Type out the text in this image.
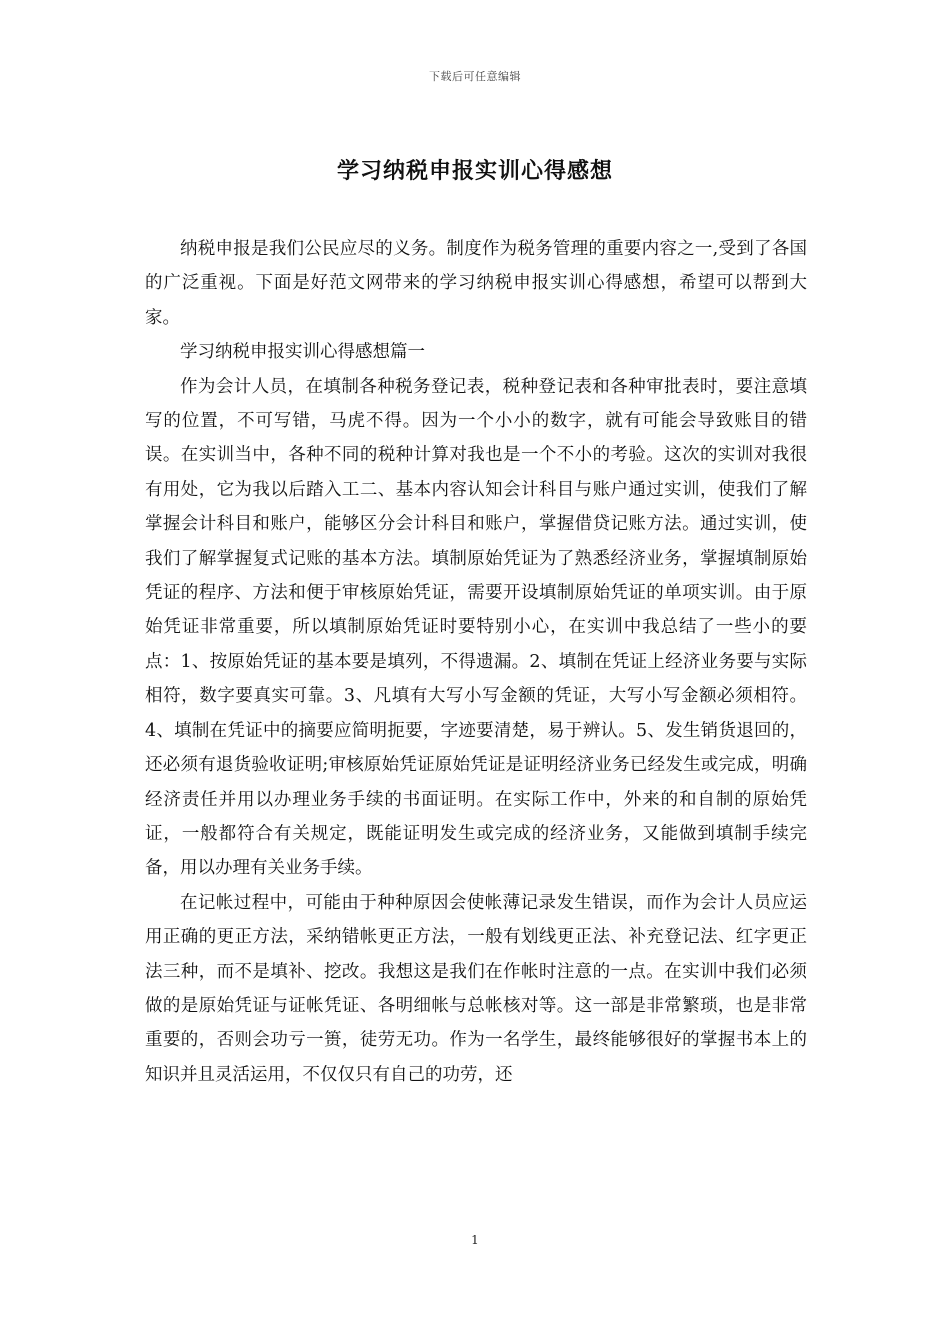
下载后可任意编辑
学习纳税申报实训心得感想

纳税申报是我们公民应尽的义务。制度作为税务管理的重要内容之一,受到了各国的广泛重视。下面是好范文网带来的学习纳税申报实训心得感想，希望可以帮到大家。

学习纳税申报实训心得感想篇一

作为会计人员，在填制各种税务登记表，税种登记表和各种审批表时，要注意填写的位置，不可写错，马虎不得。因为一个小小的数字，就有可能会导致账目的错误。在实训当中，各种不同的税种计算对我也是一个不小的考验。这次的实训对我很有用处，它为我以后踏入工二、基本内容认知会计科目与账户通过实训，使我们了解掌握会计科目和账户，能够区分会计科目和账户，掌握借贷记账方法。通过实训，使我们了解掌握复式记账的基本方法。填制原始凭证为了熟悉经济业务，掌握填制原始凭证的程序、方法和便于审核原始凭证，需要开设填制原始凭证的单项实训。由于原始凭证非常重要，所以填制原始凭证时要特别小心，在实训中我总结了一些小的要点：1、按原始凭证的基本要是填列，不得遗漏。2、填制在凭证上经济业务要与实际相符，数字要真实可靠。3、凡填有大写小写金额的凭证，大写小写金额必须相符。4、填制在凭证中的摘要应简明扼要，字迹要清楚，易于辨认。5、发生销货退回的，还必须有退货验收证明;审核原始凭证原始凭证是证明经济业务已经发生或完成，明确经济责任并用以办理业务手续的书面证明。在实际工作中，外来的和自制的原始凭证，一般都符合有关规定，既能证明发生或完成的经济业务，又能做到填制手续完备，用以办理有关业务手续。

在记帐过程中，可能由于种种原因会使帐薄记录发生错误，而作为会计人员应运用正确的更正方法，采纳错帐更正方法，一般有划线更正法、补充登记法、红字更正法三种，而不是填补、挖改。我想这是我们在作帐时注意的一点。在实训中我们必须做的是原始凭证与证帐凭证、各明细帐与总帐核对等。这一部是非常繁琐，也是非常重要的，否则会功亏一篑，徒劳无功。作为一名学生，最终能够很好的掌握书本上的知识并且灵活运用，不仅仅只有自己的功劳，还

1
